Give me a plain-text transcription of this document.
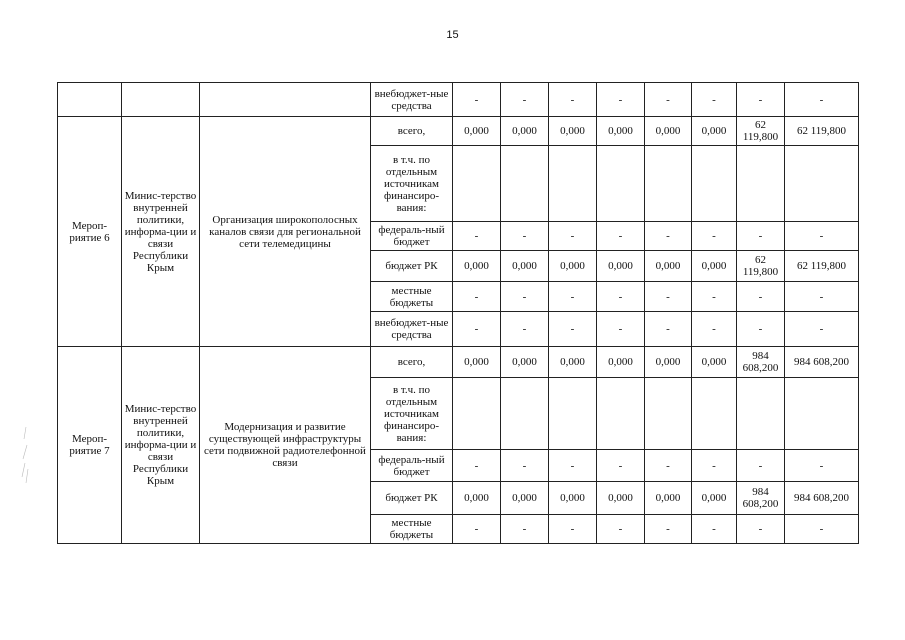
15
			внебюджет-ные средства	-	-	-	-	-	-	-	-
Мероп-риятие 6	Минис-терство внутренней политики, информа-ции и связи Республики Крым	Организация широкополосных каналов связи для региональной сети телемедицины	всего,	0,000	0,000	0,000	0,000	0,000	0,000	62 119,800	62 119,800
			в т.ч. по отдельным источникам финансиро-вания:								
			федераль-ный бюджет	-	-	-	-	-	-	-	-
			бюджет РК	0,000	0,000	0,000	0,000	0,000	0,000	62 119,800	62 119,800
			местные бюджеты	-	-	-	-	-	-	-	-
			внебюджет-ные средства	-	-	-	-	-	-	-	-
Мероп-риятие 7	Минис-терство внутренней политики, информа-ции и связи Республики Крым	Модернизация и развитие существующей инфраструктуры сети подвижной радиотелефонной связи	всего,	0,000	0,000	0,000	0,000	0,000	0,000	984 608,200	984 608,200
			в т.ч. по отдельным источникам финансиро-вания:								
			федераль-ный бюджет	-	-	-	-	-	-	-	-
			бюджет РК	0,000	0,000	0,000	0,000	0,000	0,000	984 608,200	984 608,200
			местные бюджеты	-	-	-	-	-	-	-	-
